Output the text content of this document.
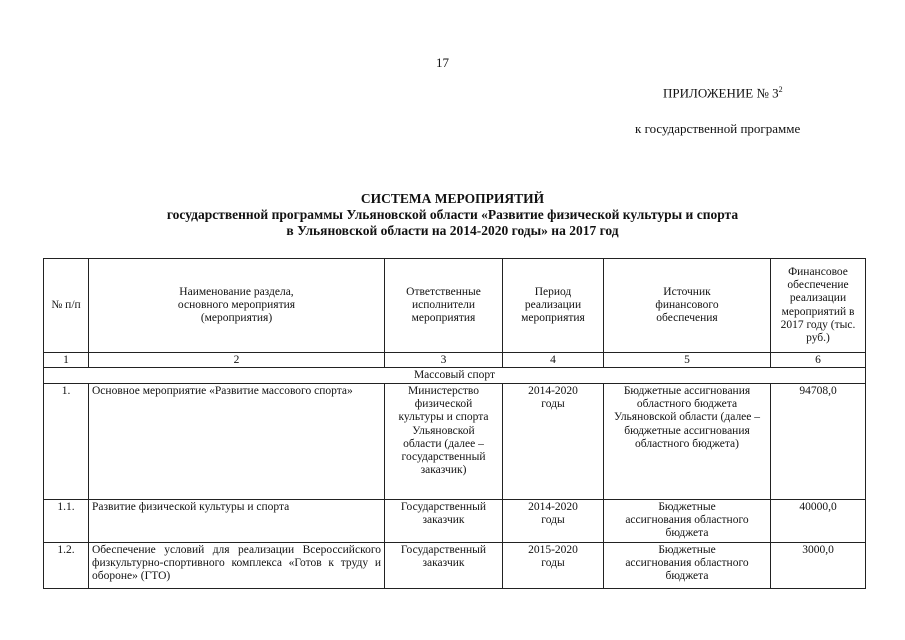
17
ПРИЛОЖЕНИЕ № $3^2$
к государственной программе
СИСТЕМА МЕРОПРИЯТИЙ
государственной программы Ульяновской области «Развитие физической культуры и спорта
в Ульяновской области на 2014-2020 годы» на 2017 год
№ п/п	Наименование раздела, основного мероприятия (мероприятия)	Ответственные исполнители мероприятия	Период реализации мероприятия	Источник финансового обеспечения	Финансовое обеспечение реализации мероприятий в 2017 году (тыс. руб.)
1	2	3	4	5	6
Массовый спорт					
1.	Основное мероприятие «Развитие массового спорта»	Министерство физической культуры и спорта Ульяновской области (далее – государственный заказчик)	2014-2020 годы	Бюджетные ассигнования областного бюджета Ульяновской области (далее – бюджетные ассигнования областного бюджета)	94708,0
1.1.	Развитие физической культуры и спорта	Государственный заказчик	2014-2020 годы	Бюджетные ассигнования областного бюджета	40000,0
1.2.	Обеспечение условий для реализации Всероссийского физкультурно-спортивного комплекса «Готов к труду и обороне» (ГТО)	Государственный заказчик	2015-2020 годы	Бюджетные ассигнования областного бюджета	3000,0
